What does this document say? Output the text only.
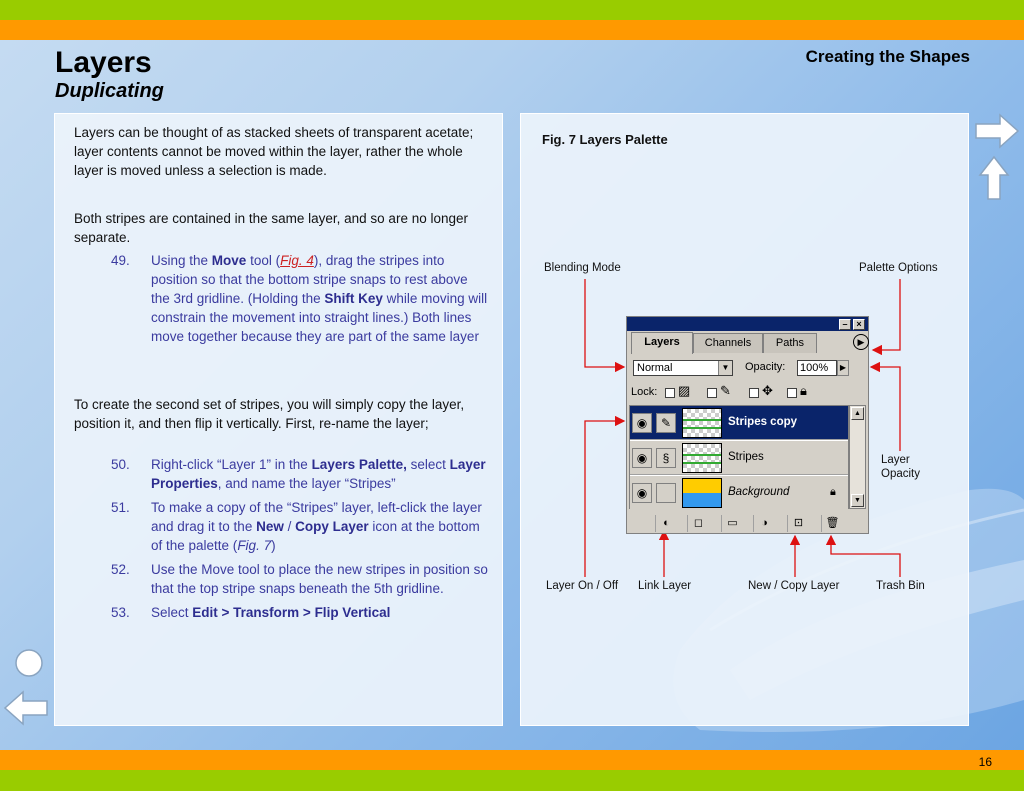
Layers
Duplicating
Creating the Shapes

Layers can be thought of as stacked sheets of transparent acetate; layer contents cannot be moved within the layer, rather the whole layer is moved unless a selection is made.

Both stripes are contained in the same layer, and so are no longer separate.

49. Using the Move tool (Fig. 4), drag the stripes into position so that the bottom stripe snaps to rest above the 3rd gridline. (Holding the Shift Key while moving will constrain the movement into straight lines.) Both lines move together because they are part of the same layer

To create the second set of stripes, you will simply copy the layer, position it, and then flip it vertically. First, re-name the layer;

50. Right-click “Layer 1” in the Layers Palette, select Layer Properties, and name the layer “Stripes”
51. To make a copy of the “Stripes” layer, left-click the layer and drag it to the New / Copy Layer icon at the bottom of the palette (Fig. 7)
52. Use the Move tool to place the new stripes in position so that the top stripe snaps beneath the 5th gridline.
53. Select Edit > Transform > Flip Vertical
Fig. 7 Layers Palette
Blending Mode	Palette Options
Layer Opacity
Layer On / Off Link Layer	New / Copy Layer	Trash Bin
– ×
Layers	Channels	Paths	▶
Normal	▼ Opacity: 100%	▶
Lock: ▨ ✎ ✥ 🔒︎
◉	✎	Stripes copy
◉	§	Stripes
◉	Background	🔒︎
▲
▼
◐	◻	▭	◑	⊡	🗑︎
16
